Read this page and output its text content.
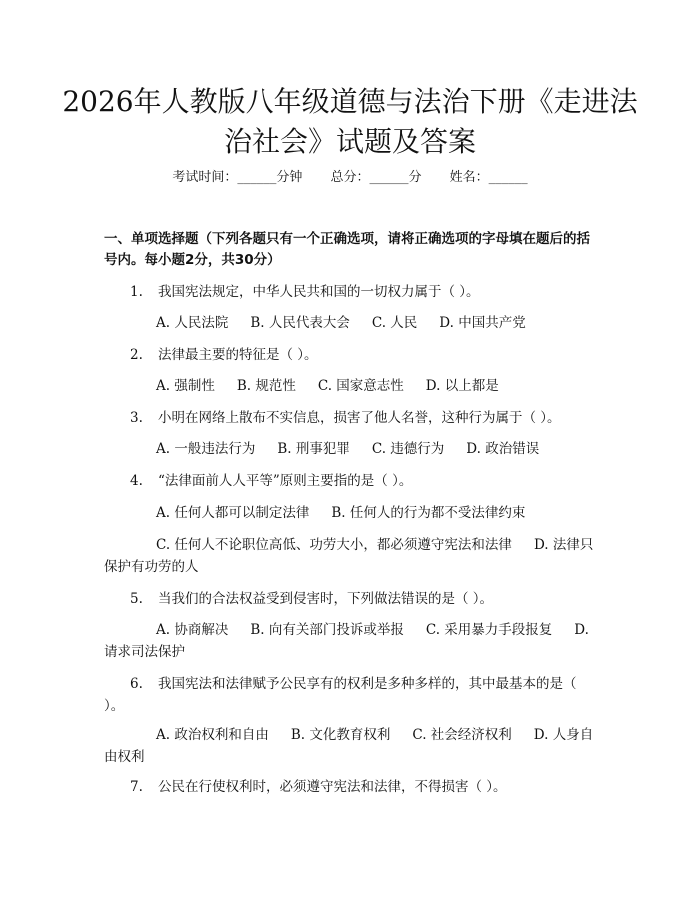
2026年人教版八年级道德与法治下册《走进法治社会》试题及答案
考试时间：______分钟 总分：______分 姓名：______

一、单项选择题（下列各题只有一个正确选项，请将正确选项的字母填在题后的括号内。每小题2分，共30分）

1. 我国宪法规定，中华人民共和国的一切权力属于（ ）。

A. 人民法院 B. 人民代表大会 C. 人民 D. 中国共产党

2. 法律最主要的特征是（ ）。

A. 强制性 B. 规范性 C. 国家意志性 D. 以上都是

3. 小明在网络上散布不实信息，损害了他人名誉，这种行为属于（ ）。

A. 一般违法行为 B. 刑事犯罪 C. 违德行为 D. 政治错误

4. “法律面前人人平等”原则主要指的是（ ）。

A. 任何人都可以制定法律 B. 任何人的行为都不受法律约束

C. 任何人不论职位高低、功劳大小，都必须遵守宪法和法律 D. 法律只保护有功劳的人

5. 当我们的合法权益受到侵害时，下列做法错误的是（ ）。

A. 协商解决 B. 向有关部门投诉或举报 C. 采用暴力手段报复 D. 请求司法保护

6. 我国宪法和法律赋予公民享有的权利是多种多样的，其中最基本的是（ ）。

A. 政治权利和自由 B. 文化教育权利 C. 社会经济权利 D. 人身自由权利

7. 公民在行使权利时，必须遵守宪法和法律，不得损害（ ）。
